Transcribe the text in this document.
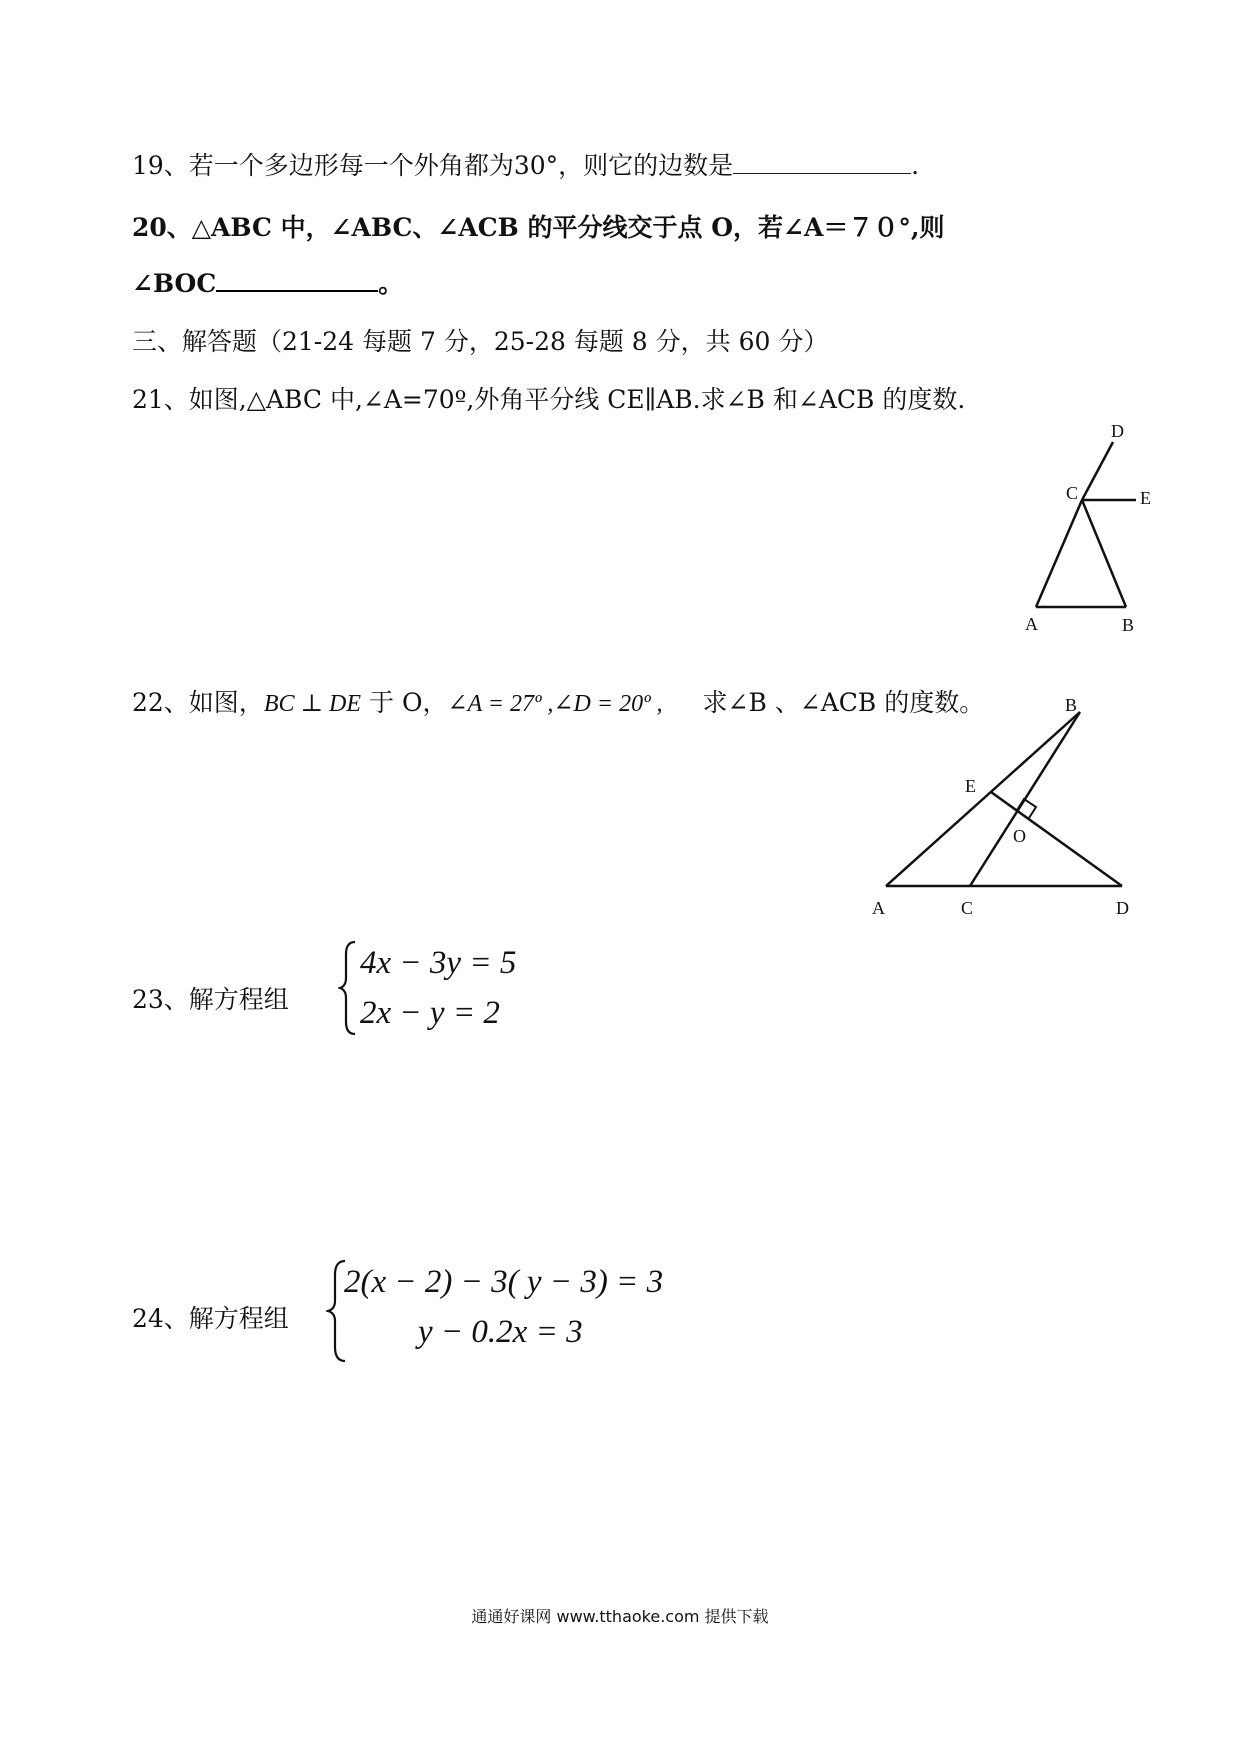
19、若一个多边形每一个外角都为30°，则它的边数是	.
20、△ABC 中，∠ABC、∠ACB 的平分线交于点 O，若∠A＝７０°,则
∠BOC	。
三、解答题（21-24 每题 7 分，25-28 每题 8 分，共 60 分）
21、如图,△ABC 中,∠A=70º,外角平分线 CE∥AB.求∠B 和∠ACB 的度数.
D
C	E
A	B
22、如图，BC ⊥ DE 于 O，∠A = 27º ,∠D = 20º , 求∠B 、∠ACB 的度数。	B
E
O
A	C	D
23、解方程组
4x − 3y = 5
2x − y = 2
24、解方程组
2(x − 2) − 3( y − 3) = 3
y − 0.2x = 3
通通好课网 www.tthaoke.com 提供下载
